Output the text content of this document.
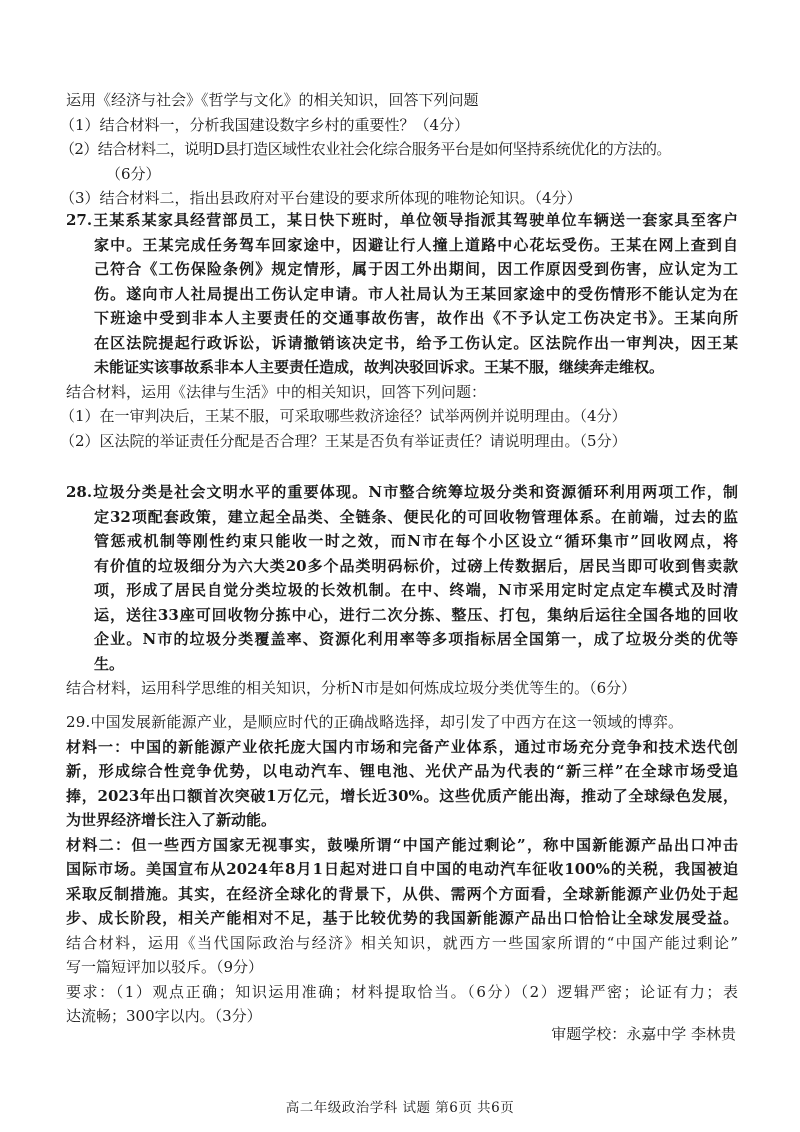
运用《经济与社会》《哲学与文化》的相关知识，回答下列问题
（1）结合材料一，分析我国建设数字乡村的重要性？（4分）
（2）结合材料二，说明D县打造区域性农业社会化综合服务平台是如何坚持系统优化的方法的。
（6分）
（3）结合材料二，指出县政府对平台建设的要求所体现的唯物论知识。（4分）
27.王某系某家具经营部员工，某日快下班时，单位领导指派其驾驶单位车辆送一套家具至客户
家中。王某完成任务驾车回家途中，因避让行人撞上道路中心花坛受伤。王某在网上查到自
己符合《工伤保险条例》规定情形，属于因工外出期间，因工作原因受到伤害，应认定为工
伤。遂向市人社局提出工伤认定申请。市人社局认为王某回家途中的受伤情形不能认定为在
下班途中受到非本人主要责任的交通事故伤害，故作出《不予认定工伤决定书》。王某向所
在区法院提起行政诉讼，诉请撤销该决定书，给予工伤认定。区法院作出一审判决，因王某
未能证实该事故系非本人主要责任造成，故判决驳回诉求。王某不服，继续奔走维权。
结合材料，运用《法律与生活》中的相关知识，回答下列问题：
（1）在一审判决后，王某不服，可采取哪些救济途径？试举两例并说明理由。（4分）
（2）区法院的举证责任分配是否合理？王某是否负有举证责任？请说明理由。（5分）
28.垃圾分类是社会文明水平的重要体现。N市整合统筹垃圾分类和资源循环利用两项工作，制
定32项配套政策，建立起全品类、全链条、便民化的可回收物管理体系。在前端，过去的监
管惩戒机制等刚性约束只能收一时之效，而N市在每个小区设立“循环集市”回收网点，将
有价值的垃圾细分为六大类20多个品类明码标价，过磅上传数据后，居民当即可收到售卖款
项，形成了居民自觉分类垃圾的长效机制。在中、终端，N市采用定时定点定车模式及时清
运，送往33座可回收物分拣中心，进行二次分拣、整压、打包，集纳后运往全国各地的回收
企业。N市的垃圾分类覆盖率、资源化利用率等多项指标居全国第一，成了垃圾分类的优等
生。
结合材料，运用科学思维的相关知识，分析N市是如何炼成垃圾分类优等生的。（6分）
29.中国发展新能源产业，是顺应时代的正确战略选择，却引发了中西方在这一领域的博弈。
材料一：中国的新能源产业依托庞大国内市场和完备产业体系，通过市场充分竞争和技术迭代创
新，形成综合性竞争优势，以电动汽车、锂电池、光伏产品为代表的“新三样”在全球市场受追
捧，2023年出口额首次突破1万亿元，增长近30%。这些优质产能出海，推动了全球绿色发展，
为世界经济增长注入了新动能。
材料二：但一些西方国家无视事实，鼓噪所谓“中国产能过剩论”，称中国新能源产品出口冲击
国际市场。美国宣布从2024年8月1日起对进口自中国的电动汽车征收100%的关税，我国被迫
采取反制措施。其实，在经济全球化的背景下，从供、需两个方面看，全球新能源产业仍处于起
步、成长阶段，相关产能相对不足，基于比较优势的我国新能源产品出口恰恰让全球发展受益。
结合材料，运用《当代国际政治与经济》相关知识，就西方一些国家所谓的“中国产能过剩论”
写一篇短评加以驳斥。（9分）
要求：（1）观点正确；知识运用准确；材料提取恰当。（6分）（2）逻辑严密；论证有力；表
达流畅；300字以内。（3分）
审题学校：永嘉中学 李林贵
高二年级政治学科 试题 第6页 共6页
